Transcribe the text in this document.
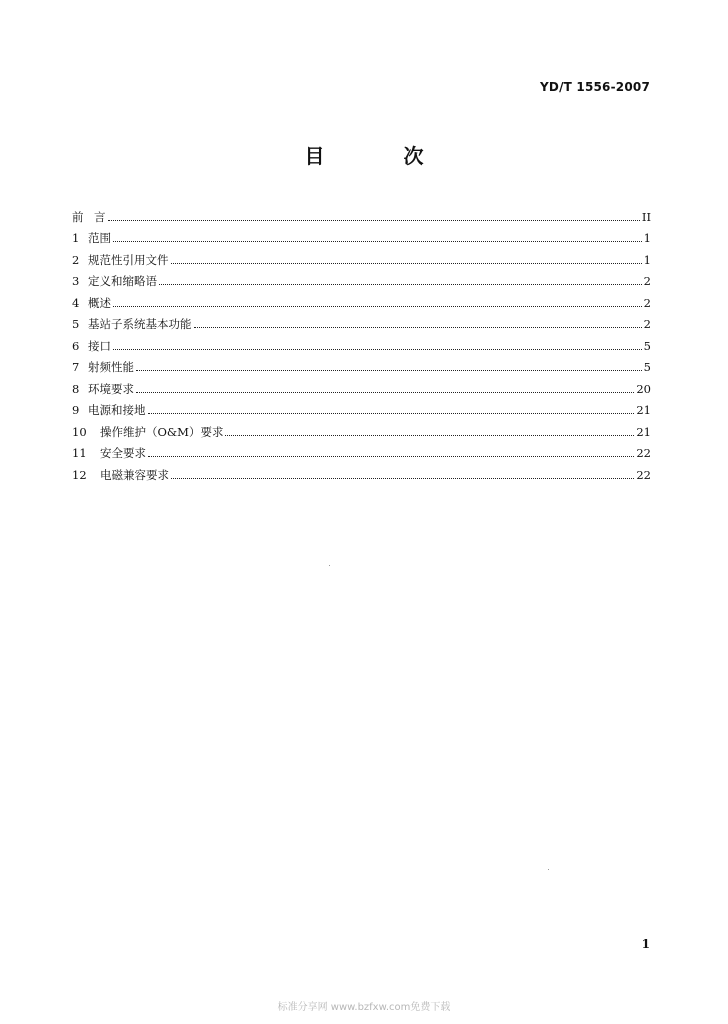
YD/T 1556-2007
目 次
前 言	II
1 范围	1
2 规范性引用文件	1
3 定义和缩略语	2
4 概述	2
5 基站子系统基本功能	2
6 接口	5
7 射频性能	5
8 环境要求	20
9 电源和接地	21
10	操作维护（O&M）要求	21
11	安全要求	22
12	电磁兼容要求	22
1
标准分享网 www.bzfxw.com免费下载
